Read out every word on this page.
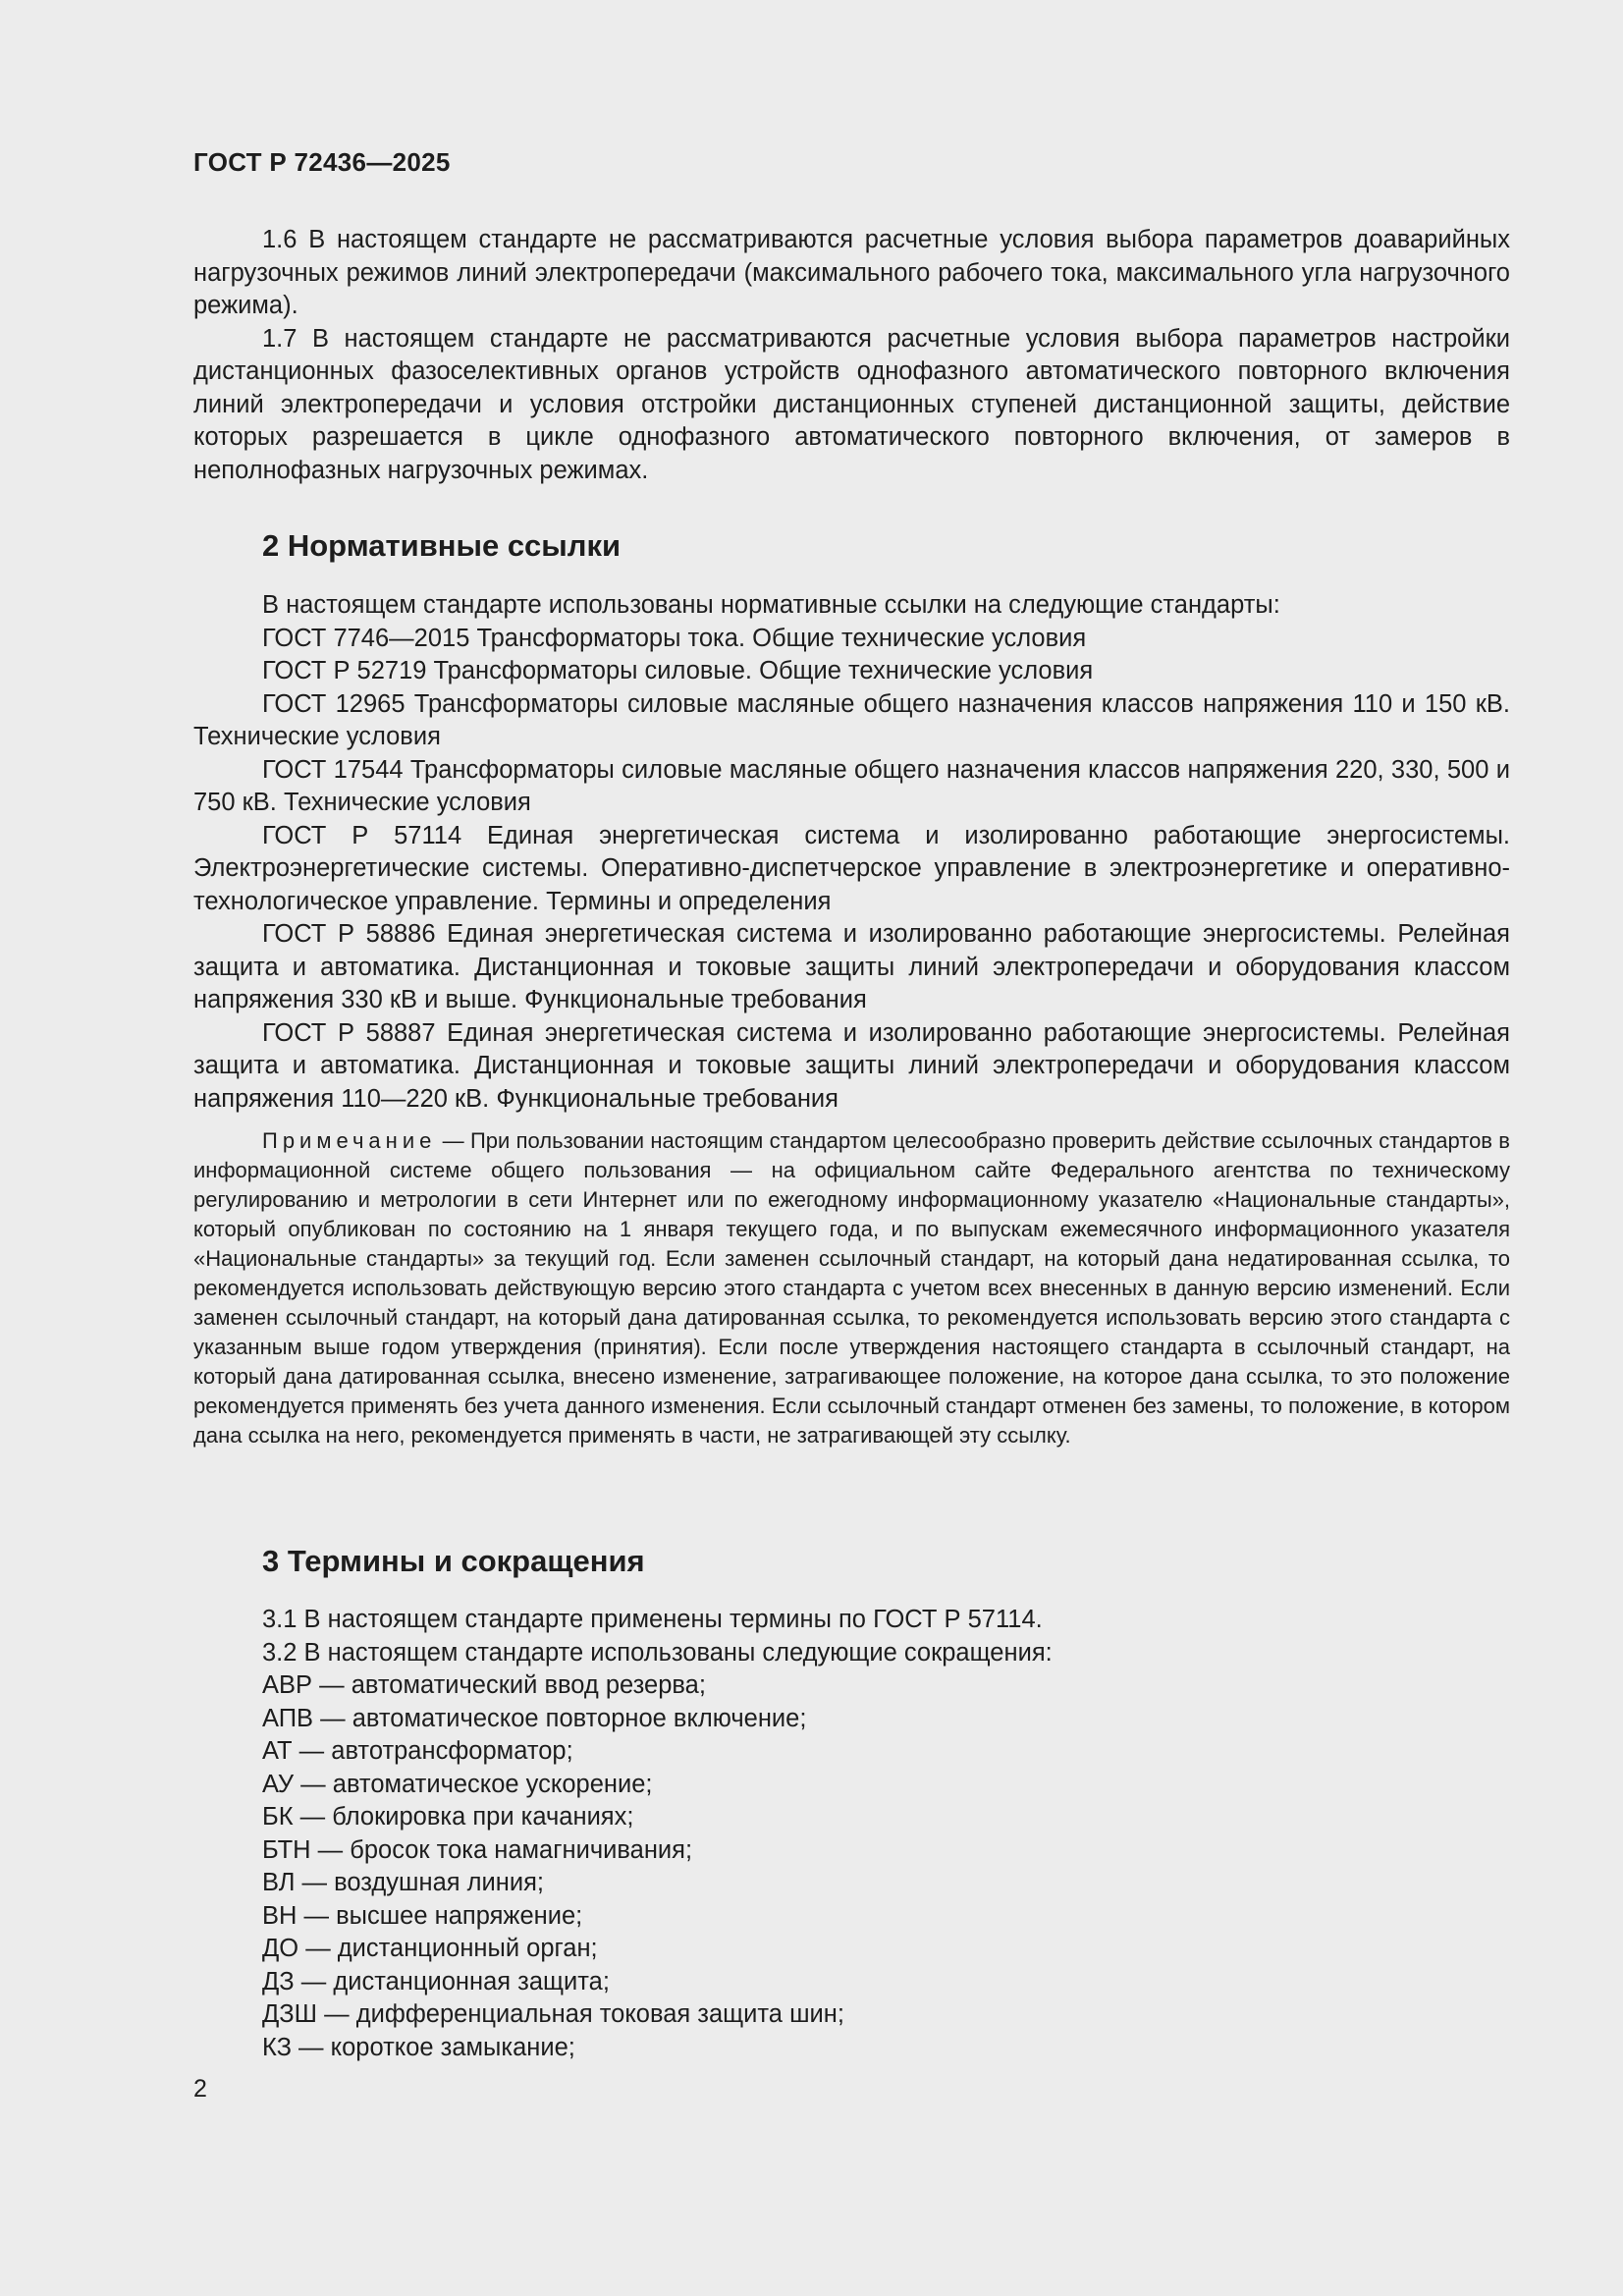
ГОСТ Р 72436—2025

1.6 В настоящем стандарте не рассматриваются расчетные условия выбора параметров доаварийных нагрузочных режимов линий электропередачи (максимального рабочего тока, максимального угла нагрузочного режима).

1.7 В настоящем стандарте не рассматриваются расчетные условия выбора параметров настройки дистанционных фазоселективных органов устройств однофазного автоматического повторного включения линий электропередачи и условия отстройки дистанционных ступеней дистанционной защиты, действие которых разрешается в цикле однофазного автоматического повторного включения, от замеров в неполнофазных нагрузочных режимах.

2 Нормативные ссылки

В настоящем стандарте использованы нормативные ссылки на следующие стандарты:

ГОСТ 7746—2015 Трансформаторы тока. Общие технические условия

ГОСТ Р 52719 Трансформаторы силовые. Общие технические условия

ГОСТ 12965 Трансформаторы силовые масляные общего назначения классов напряжения 110 и 150 кВ. Технические условия

ГОСТ 17544 Трансформаторы силовые масляные общего назначения классов напряжения 220, 330, 500 и 750 кВ. Технические условия

ГОСТ Р 57114 Единая энергетическая система и изолированно работающие энергосистемы. Электроэнергетические системы. Оперативно-диспетчерское управление в электроэнергетике и оперативно-технологическое управление. Термины и определения

ГОСТ Р 58886 Единая энергетическая система и изолированно работающие энергосистемы. Релейная защита и автоматика. Дистанционная и токовые защиты линий электропередачи и оборудования классом напряжения 330 кВ и выше. Функциональные требования

ГОСТ Р 58887 Единая энергетическая система и изолированно работающие энергосистемы. Релейная защита и автоматика. Дистанционная и токовые защиты линий электропередачи и оборудования классом напряжения 110—220 кВ. Функциональные требования

Примечание — При пользовании настоящим стандартом целесообразно проверить действие ссылочных стандартов в информационной системе общего пользования — на официальном сайте Федерального агентства по техническому регулированию и метрологии в сети Интернет или по ежегодному информационному указателю «Национальные стандарты», который опубликован по состоянию на 1 января текущего года, и по выпускам ежемесячного информационного указателя «Национальные стандарты» за текущий год. Если заменен ссылочный стандарт, на который дана недатированная ссылка, то рекомендуется использовать действующую версию этого стандарта с учетом всех внесенных в данную версию изменений. Если заменен ссылочный стандарт, на который дана датированная ссылка, то рекомендуется использовать версию этого стандарта с указанным выше годом утверждения (принятия). Если после утверждения настоящего стандарта в ссылочный стандарт, на который дана датированная ссылка, внесено изменение, затрагивающее положение, на которое дана ссылка, то это положение рекомендуется применять без учета данного изменения. Если ссылочный стандарт отменен без замены, то положение, в котором дана ссылка на него, рекомендуется применять в части, не затрагивающей эту ссылку.

3 Термины и сокращения

3.1 В настоящем стандарте применены термины по ГОСТ Р 57114.

3.2 В настоящем стандарте использованы следующие сокращения:

АВР — автоматический ввод резерва;
АПВ — автоматическое повторное включение;
АТ — автотрансформатор;
АУ — автоматическое ускорение;
БК — блокировка при качаниях;
БТН — бросок тока намагничивания;
ВЛ — воздушная линия;
ВН — высшее напряжение;
ДО — дистанционный орган;
ДЗ — дистанционная защита;
ДЗШ — дифференциальная токовая защита шин;
КЗ — короткое замыкание;
2
